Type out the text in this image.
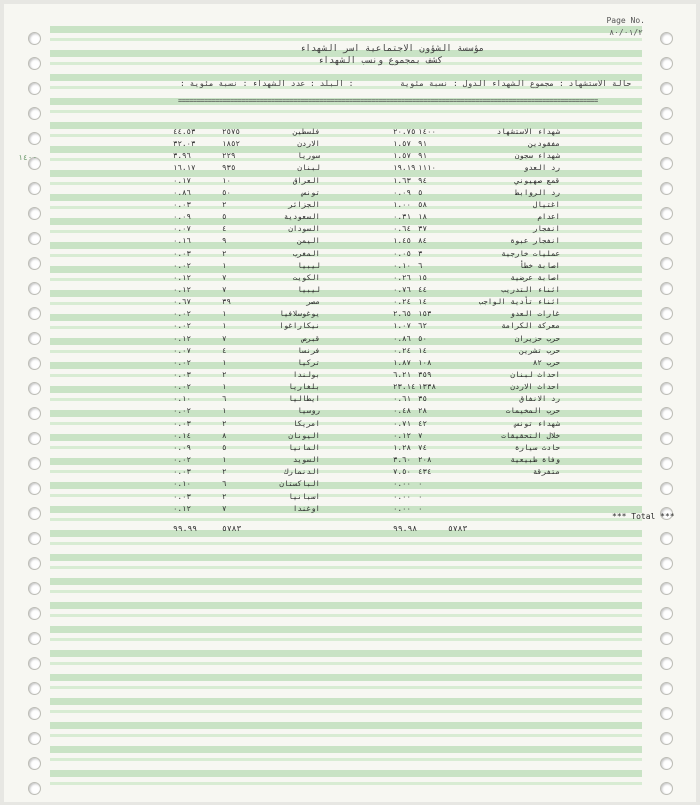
Page No.
٨٠/٠١/٢
مؤسسة الشؤون الاجتماعية اسر الشهداء
كشف بمجموع ونسب الشهداء
حالة الاستشهاد : مجموع الشهداء الدول : نسبة مئوية
: البلد : عدد الشهداء : نسبة مئوية :
=================================================================================================================
شهداء الاستشهاد
١٤٠٠
٢٠.٧٥
فلسطين
٢٥٧٥
٤٤.٥٣
مفقودين
٩١
١.٥٧
الاردن
١٨٥٢
٣٢.٠٣
شهداء سجون
٩١
١.٥٧
سوريا
٢٢٩
٣.٩٦
رد العدو
١١١٠
١٩.١٩
لبنان
٩٣٥
١٦.١٧
قمع صهيوني
٩٤
١.٦٣
العراق
١٠
٠.١٧
رد الروابط
٥
٠.٠٩
تونس
٥٠
٠.٨٦
اغتيال
٥٨
١.٠٠
الجزائر
٢
٠.٠٣
اعدام
١٨
٠.٣١
السعودية
٥
٠.٠٩
انفجار
٣٧
٠.٦٤
السودان
٤
٠.٠٧
انفجار عبوة
٨٤
١.٤٥
اليمن
٩
٠.١٦
عمليات خارجية
٣
٠.٠٥
المغرب
٢
٠.٠٣
اصابة خطأ
٦
٠.١٠
ليبيا
١
٠.٠٢
اصابة عرضية
١٥
٠.٢٦
الكويت
٧
٠.١٢
اثناء التدريب
٤٤
٠.٧٦
ليبيا
٧
٠.١٢
اثناء تأدية الواجب
١٤
٠.٢٤
مصر
٣٩
٠.٦٧
غارات العدو
١٥٣
٢.٦٥
يوغوسلافيا
١
٠.٠٢
معركة الكرامة
٦٢
١.٠٧
نيكاراغوا
١
٠.٠٢
حرب حزيران
٥٠
٠.٨٦
قبرص
٧
٠.١٢
حرب تشرين
١٤
٠.٢٤
فرنسا
٤
٠.٠٧
حرب ٨٢
١٠٨
١.٨٧
تركيا
١
٠.٠٢
احداث لبنان
٣٥٩
٦.٢١
بولندا
٢
٠.٠٣
احداث الاردن
١٣٣٨
٢٣.١٤
بلغاريا
١
٠.٠٢
رد الانفاق
٣٥
٠.٦١
ايطاليا
٦
٠.١٠
حرب المخيمات
٢٨
٠.٤٨
روسيا
١
٠.٠٢
شهداء تونس
٤٢
٠.٧١
امريكا
٢
٠.٠٣
خلال التحقيقات
٧
٠.١٢
اليونان
٨
٠.١٤
حادث سيارة
٧٤
١.٢٨
المانيا
٥
٠.٠٩
وفاة طبيعية
٢٠٨
٣.٦٠
السويد
١
٠.٠٢
متفرقة
٤٣٤
٧.٥٠
الدنمارك
٢
٠.٠٣
٠
٠.٠٠
الباكستان
٦
٠.١٠
٠
٠.٠٠
اسبانيا
٢
٠.٠٣
٠
٠.٠٠
اوغندا
٧
٠.١٢
*** Total ***
٥٧٨٣
٩٩.٩٨
٥٧٨٣
٩٩.٩٩
١٤٠٠
